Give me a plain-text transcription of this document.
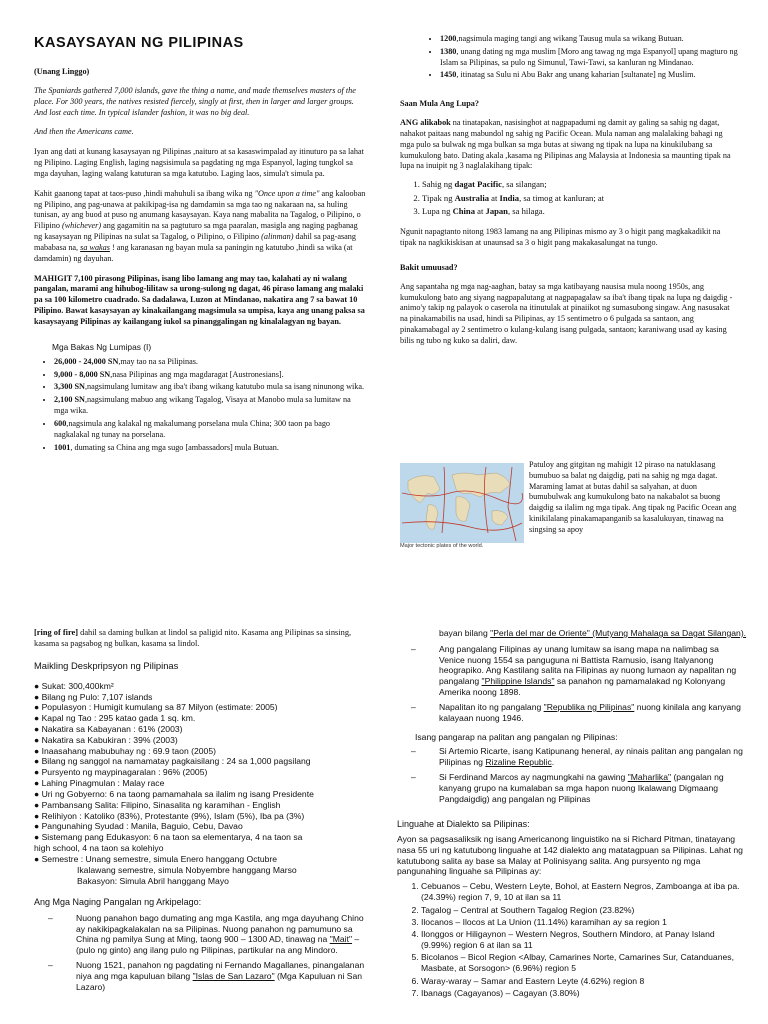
KASAYSAYAN NG PILIPINAS

(Unang Linggo)

The Spaniards gathered 7,000 islands, gave the thing a name, and made themselves masters of the place. For 300 years, the natives resisted fiercely, singly at first, then in larger and larger groups. And lost each time. In typical islander fashion, it was no big deal.

And then the Americans came.

Iyan ang dati at kunang kasaysayan ng Pilipinas ,naituro at sa kasaswimpalad ay itinuturo pa sa lahat ng Pilipino. Laging English, laging nagsisimula sa pagdating ng mga Espanyol, laging tungkol sa mga dayuhan, laging walang katuturan sa mga katutubo. Laging laos, simula't simula pa.

Kahit gaanong tapat at taos-puso ,hindi mahuhuli sa ibang wika ng "Once upon a time" ang kalooban ng Pilipino, ang pag-unawa at pakikipag-isa ng damdamin sa mga tao ng nakaraan na, sa huling tunisan, ay ang buod at puso ng anumang kasaysayan. Kaya nang mabalita na Tagalog, o Pilipino, o Filipino (whichever) ang gagamitin na sa pagtuturo sa mga paaralan, masigla ang naging pagbanag ng kasaysayan ng Pilipinas na sulat sa Tagalog, o Pilipino, o Filipino (alinman) dahil sa pag-asang mababasa na, sa wakas ! ang karanasan ng bayan mula sa paningin ng katutubo ,hindi sa wika (at damdamin) ng dayuhan.

MAHIGIT 7,100 pirasong Pilipinas, isang libo lamang ang may tao, kalahati ay ni walang pangalan, marami ang hihubog-lilitaw sa urong-sulong ng dagat, 46 piraso lamang ang malaki pa sa 100 kilometro cuadrado. Sa dadalawa, Luzon at Mindanao, nakatira ang 7 sa bawat 10 Pilipino. Bawat kasaysayan ay kinakailangang magsimula sa umpisa, kaya ang unang paksa sa kasaysayang Pilipinas ay kailangang iukol sa pinanggalingan ng kinalalagyan ng bayan.

Mga Bakas Ng Lumipas (I)

• 26,000 - 24,000 SN,may tao na sa Pilipinas.
• 9,000 - 8,000 SN,nasa Pilipinas ang mga magdaragat [Austronesians].
• 3,300 SN,nagsimulang lumitaw ang iba't ibang wikang katutubo mula sa isang ninunong wika.
• 2,100 SN,nagsimulang mabuo ang wikang Tagalog, Visaya at Manobo mula sa lumitaw na mga wika.
• 600,nagsimula ang kalakal ng makalumang porselana mula China; 300 taon pa bago nagkalakal ng tunay na porselana.
• 1001, dumating sa China ang mga sugo [ambassadors] mula Butuan.
• 1200,nagsimula maging tangi ang wikang Tausug mula sa wikang Butuan.
• 1380, unang dating ng mga muslim [Moro ang tawag ng mga Espanyol] upang magturo ng Islam sa Pilipinas, sa pulo ng Simunul, Tawi-Tawi, sa kanluran ng Mindanao.
• 1450, itinatag sa Sulu ni Abu Bakr ang unang kaharian [sultanate] ng Muslim.

Saan Mula Ang Lupa?

ANG alikabok na tinatapakan, nasisinghot at nagpapadumi ng damit ay galing sa sahig ng dagat, nahakot paitaas nang mabundol ng sahig ng Pacific Ocean. Mula naman ang malalaking bahagi ng mga pulo sa bulwak ng mga bulkan sa mga butas at siwang ng tipak na lupa na kinukilubang sa kumukulong bato. Dating akala ,kasama ng Pilipinas ang Malaysia at Indonesia sa maunting tipak na lupa na inuipit ng 3 naglalakihang tipak:

1. Sahig ng dagat Pacific, sa silangan;
2. Tipak ng Australia at India, sa timog at kanluran; at
3. Lupa ng China at Japan, sa hilaga.

Ngunit napagtanto nitong 1983 lamang na ang Pilipinas mismo ay 3 o higit pang magkakadikit na tipak na nagkikiskisan at unaunsad sa 3 o higit pang makakasalungat na tungo.

Bakit umuusad?

Ang sapantaha ng mga nag-aaghan, batay sa mga katibayang nausisa mula noong 1950s, ang kumukulong bato ang siyang nagpapalutang at nagpapagalaw sa iba't ibang tipak na lupa ng daigdig - animo'y takip ng palayok o caserola na itinutulak at pinaiikot ng sumasubong singaw. Ang nasusakat na pinakamabilis na usad, hindi sa Pilipinas, ay 15 sentimetro o 6 pulgada sa santaon, ang pinakamabagal ay 2 sentimetro o kulang-kulang isang pulgada, santaon; karaniwang usad ay kasing bilis ng tubo ng kuko sa daliri, daw.

Major tectonic plates of the world.

Patuloy ang gitgitan ng mahigit 12 piraso na natuklasang bumubuo sa balat ng daigdig, pati na sahig ng mga dagat. Maraming lamat at butas dahil sa salyahan, at duon bumubulwak ang kumukulong bato na nakabalot sa buong daigdig sa ilalim ng mga tipak. Ang tipak ng Pacific Ocean ang kinikilalang pinakamapanganib sa kasalukuyan, tinawag na singsing sa apoy

[ring of fire] dahil sa daming bulkan at lindol sa paligid nito. Kasama ang Pilipinas sa sinsing, kasama sa pagsabog ng bulkan, kasama sa lindol.

Maikling Deskpripsyon ng Pilipinas

● Sukat: 300,400km²
● Bilang ng Pulo: 7,107 islands
● Populasyon : Humigit kumulang sa 87 Milyon (estimate: 2005)
● Kapal ng Tao : 295 katao gada 1 sq. km.
● Nakatira sa Kabayanan : 61% (2003)
● Nakatira sa Kabukiran : 39% (2003)
● Inaasahang mabubuhay ng : 69.9 taon (2005)
● Bilang ng sanggol na namamatay pagkaisilang : 24 sa 1,000 pagsilang
● Pursyento ng maypinagaralan : 96% (2005)
● Lahing Pinagmulan : Malay race
● Uri ng Gobyerno: 6 na taong pamamahala sa ilalim ng isang Presidente
● Pambansang Salita: Filipino, Sinasalita ng karamihan - English
● Relihiyon : Katoliko (83%), Protestante (9%), Islam (5%), Iba pa (3%)
● Pangunahing Syudad : Manila, Baguio, Cebu, Davao
● Sistemang pang Edukasyon: 6 na taon sa elementarya, 4 na taon sa
high school, 4 na taon sa kolehiyo
● Semestre : Unang semestre, simula Enero hanggang Octubre
Ikalawang semestre, simula Nobyembre hanggang Marso
Bakasyon: Simula Abril hanggang Mayo

Ang Mga Naging Pangalan ng Arkipelago:

–	Nuong panahon bago dumating ang mga Kastila, ang mga dayuhang Chino ay nakikipagkalakalan na sa Pilipinas. Nuong panahon ng pamumuno sa China ng pamilya Sung at Ming, taong 900 – 1300 AD, tinawag na "Mait" – (pulo ng ginto) ang ilang pulo ng Pilipinas, partikular na ang Mindoro.
–	Nuong 1521, panahon ng pagdating ni Fernando Magallanes, pinangalanan niya ang mga kapuluan bilang "Islas de San Lazaro" (Mga Kapuluan ni San Lazaro)

bayan bilang "Perla del mar de Oriente" (Mutyang Mahalaga sa Dagat Silangan).

–	Ang pangalang Filipinas ay unang lumitaw sa isang mapa na nalimbag sa Venice nuong 1554 sa panguguna ni Battista Ramusio, isang Italyanong heograpiko. Ang Kastilang salita na Filipinas ay nuong lumaon ay napalitan ng pangalang "Philippine Islands" sa panahon ng pamamalakad ng Kolonyang Amerika noong 1898.
–	Napalitan ito ng pangalang "Republika ng Pilipinas" nuong kinilala ang kanyang kalayaan nuong 1946.

Isang pangarap na palitan ang pangalan ng Pilipinas:

–	Si Artemio Ricarte, isang Katipunang heneral, ay ninais palitan ang pangalan ng Pilipinas ng Rizaline Republic.
–	Si Ferdinand Marcos ay nagmungkahi na gawing "Maharlika" (pangalan ng kanyang grupo na kumalaban sa mga hapon nuong Ikalawang Digmaang Pangdaigdig) ang pangalan ng Pilipinas

Linguahe at Dialekto sa Pilipinas:

Ayon sa pagsasaliksik ng isang Americanong linguistiko na si Richard Pitman, tinatayang nasa 55 uri ng katutubong linguahe at 142 dialekto ang matatagpuan sa Pilipinas. Lahat ng katutubong salita ay base sa Malay at Polinisyang salita. Ang pursyento ng mga pangunahing linguahe sa Pilipinas ay:

1. Cebuanos – Cebu, Western Leyte, Bohol, at Eastern Negros, Zamboanga at iba pa. (24.39%) region 7, 9, 10 at ilan sa 11
2. Tagalog – Central at Southern Tagalog Region (23.82%)
3. Ilocanos – Ilocos at La Union (11.14%) karamihan ay sa region 1
4. Ilonggos or Hiligaynon – Western Negros, Southern Mindoro, at Panay Island (9.99%) region 6 at ilan sa 11
5. Bicolanos – Bicol Region <Albay, Camarines Norte, Camarines Sur, Catanduanes, Masbate, at Sorsogon> (6.96%) region 5
6. Waray-waray – Samar and Eastern Leyte (4.62%) region 8
7. Ibanags (Cagayanos) – Cagayan (3.80%)
